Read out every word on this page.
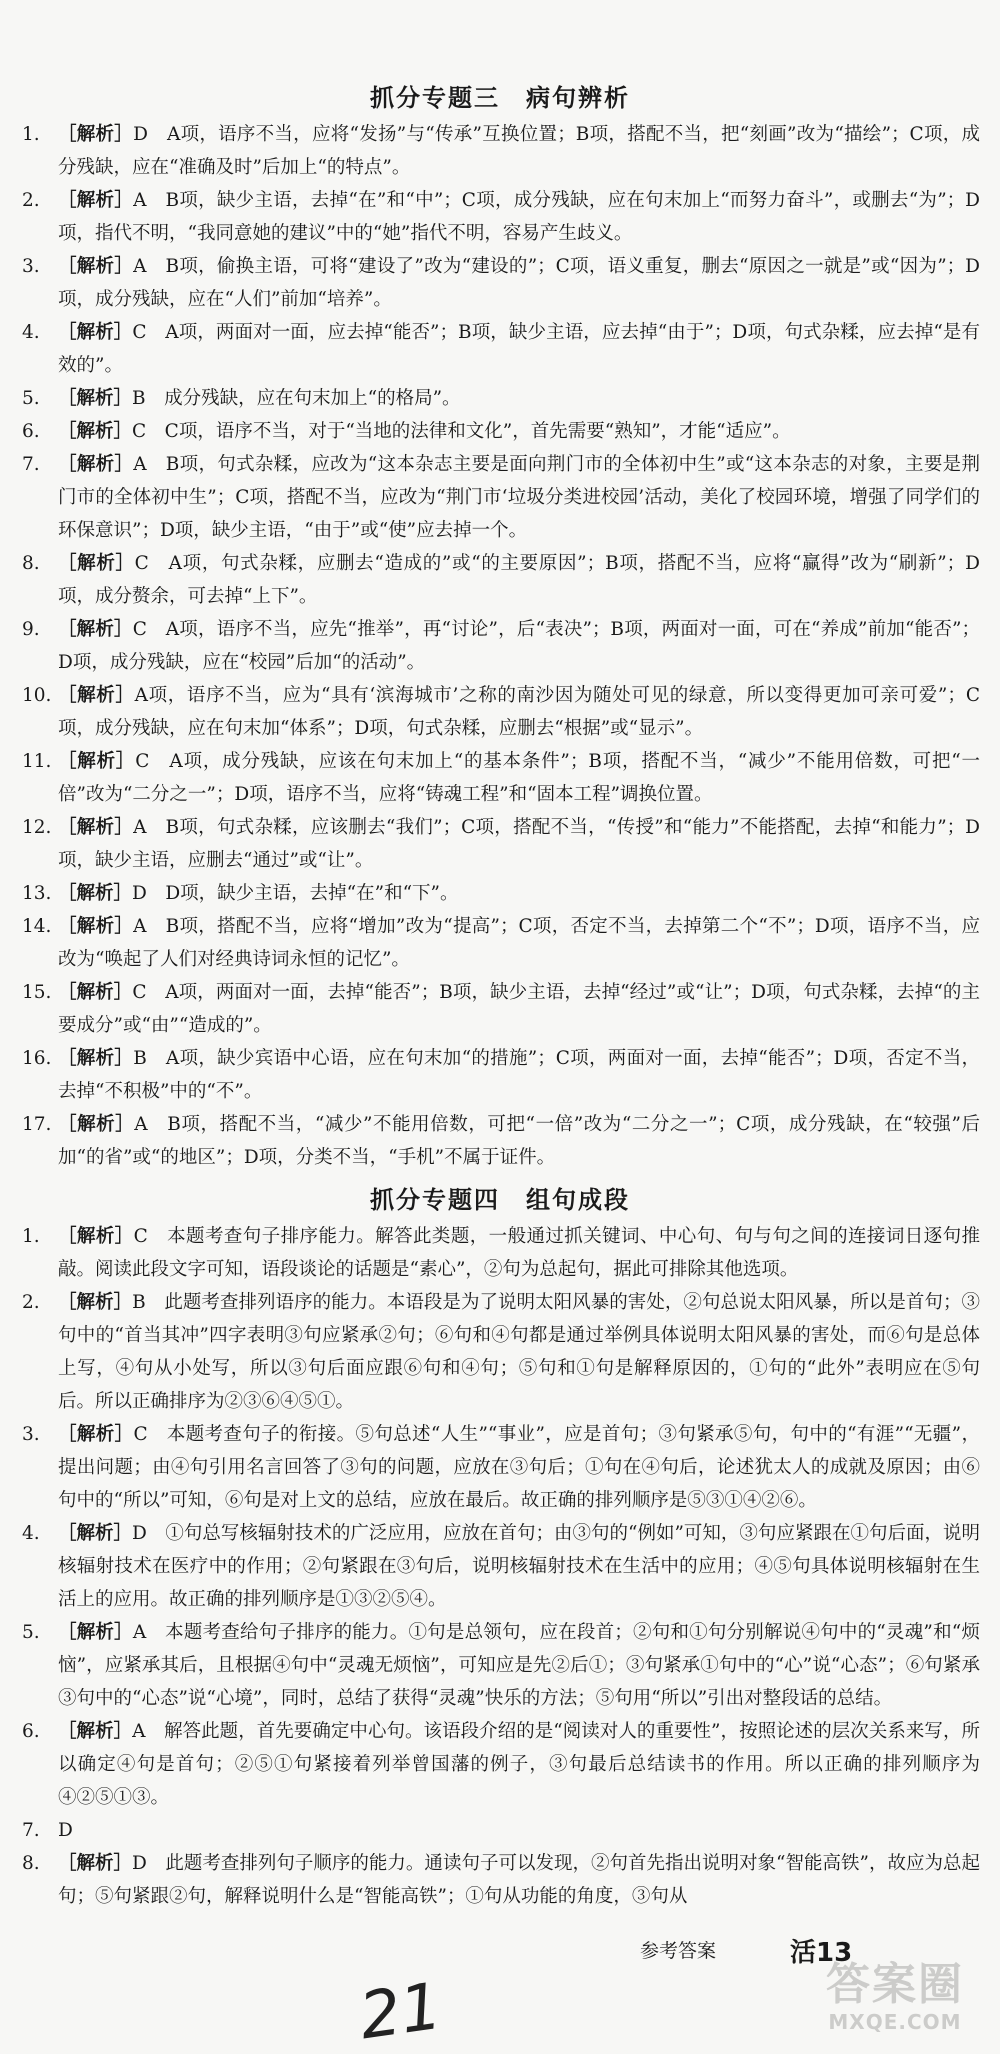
抓分专题三　病句辨析
1. ［解析］D　A项，语序不当，应将“发扬”与“传承”互换位置；B项，搭配不当，把“刻画”改为“描绘”；C项，成分残缺，应在“准确及时”后加上“的特点”。
2. ［解析］A　B项，缺少主语，去掉“在”和“中”；C项，成分残缺，应在句末加上“而努力奋斗”，或删去“为”；D项，指代不明，“我同意她的建议”中的“她”指代不明，容易产生歧义。
3. ［解析］A　B项，偷换主语，可将“建设了”改为“建设的”；C项，语义重复，删去“原因之一就是”或“因为”；D项，成分残缺，应在“人们”前加“培养”。
4. ［解析］C　A项，两面对一面，应去掉“能否”；B项，缺少主语，应去掉“由于”；D项，句式杂糅，应去掉“是有效的”。
5. ［解析］B　成分残缺，应在句末加上“的格局”。
6. ［解析］C　C项，语序不当，对于“当地的法律和文化”，首先需要“熟知”，才能“适应”。
7. ［解析］A　B项，句式杂糅，应改为“这本杂志主要是面向荆门市的全体初中生”或“这本杂志的对象，主要是荆门市的全体初中生”；C项，搭配不当，应改为“荆门市‘垃圾分类进校园’活动，美化了校园环境，增强了同学们的环保意识”；D项，缺少主语，“由于”或“使”应去掉一个。
8. ［解析］C　A项，句式杂糅，应删去“造成的”或“的主要原因”；B项，搭配不当，应将“赢得”改为“刷新”；D项，成分赘余，可去掉“上下”。
9. ［解析］C　A项，语序不当，应先“推举”，再“讨论”，后“表决”；B项，两面对一面，可在“养成”前加“能否”；D项，成分残缺，应在“校园”后加“的活动”。
10. ［解析］A项，语序不当，应为“具有‘滨海城市’之称的南沙因为随处可见的绿意，所以变得更加可亲可爱”；C项，成分残缺，应在句末加“体系”；D项，句式杂糅，应删去“根据”或“显示”。
11. ［解析］C　A项，成分残缺，应该在句末加上“的基本条件”；B项，搭配不当，“减少”不能用倍数，可把“一倍”改为“二分之一”；D项，语序不当，应将“铸魂工程”和“固本工程”调换位置。
12. ［解析］A　B项，句式杂糅，应该删去“我们”；C项，搭配不当，“传授”和“能力”不能搭配，去掉“和能力”；D项，缺少主语，应删去“通过”或“让”。
13. ［解析］D　D项，缺少主语，去掉“在”和“下”。
14. ［解析］A　B项，搭配不当，应将“增加”改为“提高”；C项，否定不当，去掉第二个“不”；D项，语序不当，应改为“唤起了人们对经典诗词永恒的记忆”。
15. ［解析］C　A项，两面对一面，去掉“能否”；B项，缺少主语，去掉“经过”或“让”；D项，句式杂糅，去掉“的主要成分”或“由”“造成的”。
16. ［解析］B　A项，缺少宾语中心语，应在句末加“的措施”；C项，两面对一面，去掉“能否”；D项，否定不当，去掉“不积极”中的“不”。
17. ［解析］A　B项，搭配不当，“减少”不能用倍数，可把“一倍”改为“二分之一”；C项，成分残缺，在“较强”后加“的省”或“的地区”；D项，分类不当，“手机”不属于证件。
抓分专题四　组句成段
1. ［解析］C　本题考查句子排序能力。解答此类题，一般通过抓关键词、中心句、句与句之间的连接词日逐句推敲。阅读此段文字可知，语段谈论的话题是“素心”，②句为总起句，据此可排除其他选项。
2. ［解析］B　此题考查排列语序的能力。本语段是为了说明太阳风暴的害处，②句总说太阳风暴，所以是首句；③句中的“首当其冲”四字表明③句应紧承②句；⑥句和④句都是通过举例具体说明太阳风暴的害处，而⑥句是总体上写，④句从小处写，所以③句后面应跟⑥句和④句；⑤句和①句是解释原因的，①句的“此外”表明应在⑤句后。所以正确排序为②③⑥④⑤①。
3. ［解析］C　本题考查句子的衔接。⑤句总述“人生”“事业”，应是首句；③句紧承⑤句，句中的“有涯”“无疆”，提出问题；由④句引用名言回答了③句的问题，应放在③句后；①句在④句后，论述犹太人的成就及原因；由⑥句中的“所以”可知，⑥句是对上文的总结，应放在最后。故正确的排列顺序是⑤③①④②⑥。
4. ［解析］D　①句总写核辐射技术的广泛应用，应放在首句；由③句的“例如”可知，③句应紧跟在①句后面，说明核辐射技术在医疗中的作用；②句紧跟在③句后，说明核辐射技术在生活中的应用；④⑤句具体说明核辐射在生活上的应用。故正确的排列顺序是①③②⑤④。
5. ［解析］A　本题考查给句子排序的能力。①句是总领句，应在段首；②句和①句分别解说④句中的“灵魂”和“烦恼”，应紧承其后，且根据④句中“灵魂无烦恼”，可知应是先②后①；③句紧承①句中的“心”说“心态”；⑥句紧承③句中的“心态”说“心境”，同时，总结了获得“灵魂”快乐的方法；⑤句用“所以”引出对整段话的总结。
6. ［解析］A　解答此题，首先要确定中心句。该语段介绍的是“阅读对人的重要性”，按照论述的层次关系来写，所以确定④句是首句；②⑤①句紧接着列举曾国藩的例子，③句最后总结读书的作用。所以正确的排列顺序为④②⑤①③。
7. D
8. ［解析］D　此题考查排列句子顺序的能力。通读句子可以发现，②句首先指出说明对象“智能高铁”，故应为总起句；⑤句紧跟②句，解释说明什么是“智能高铁”；①句从功能的角度，③句从
参考答案	活13
21	答案圈
MXQE.COM
